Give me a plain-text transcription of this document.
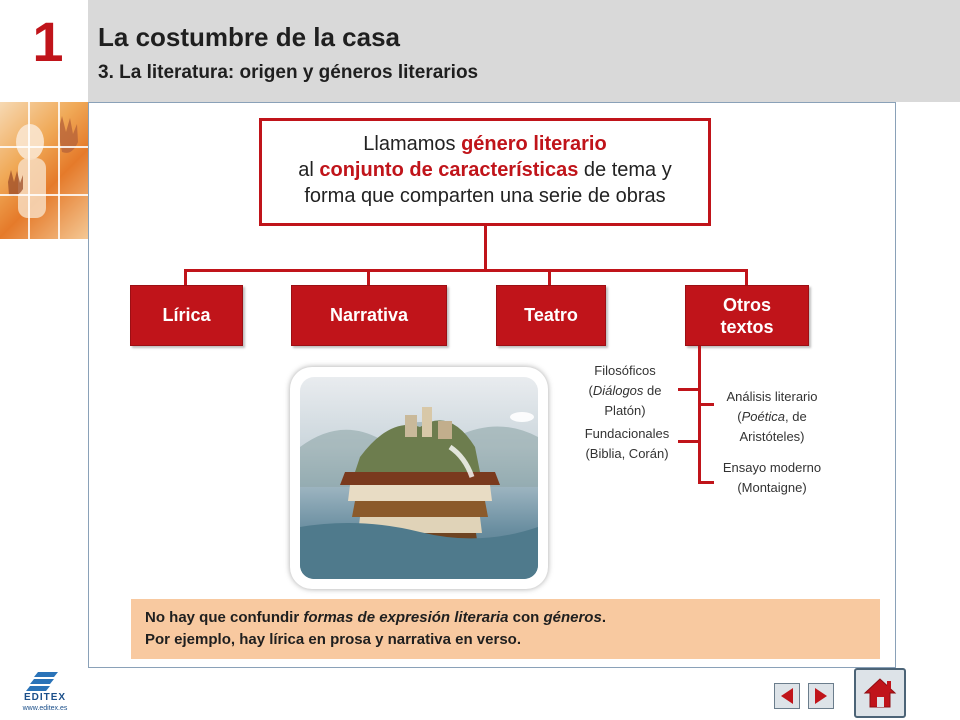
1	La costumbre de la casa
3. La literatura: origen y géneros literarios
Llamamos género literario
al conjunto de características de tema y
forma que comparten una serie de obras
Lírica	Narrativa	Teatro
Otros
textos
Filosóficos
(Diálogos de
Platón)
Fundacionales
(Biblia, Corán)
Análisis literario
(Poética, de
Aristóteles)
Ensayo moderno
(Montaigne)
No hay que confundir formas de expresión literaria con géneros.
Por ejemplo, hay lírica en prosa y narrativa en verso.
EDITEX
www.editex.es
